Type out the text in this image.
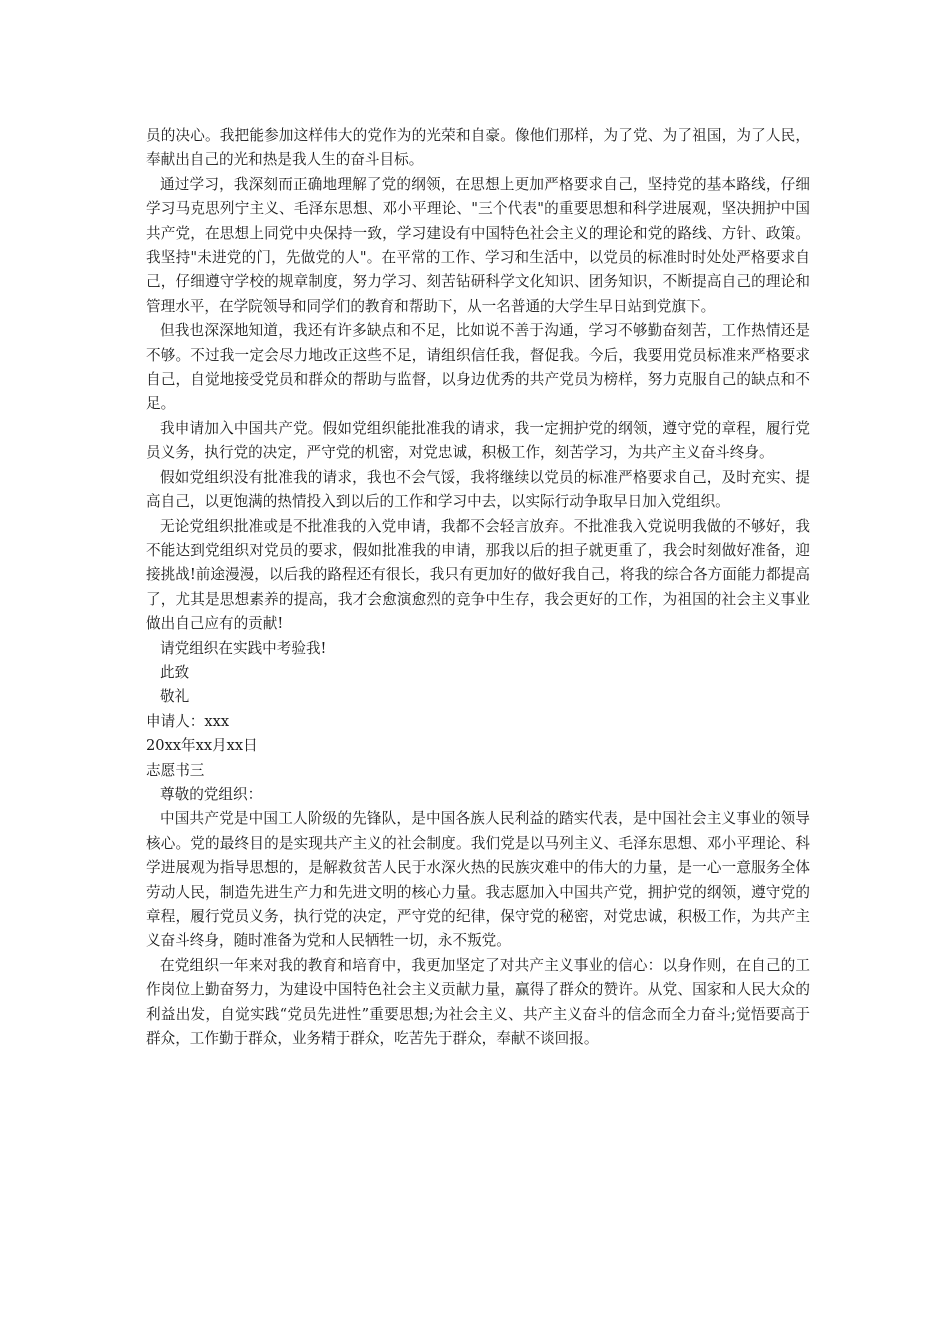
员的决心。我把能参加这样伟大的党作为的光荣和自豪。像他们那样，为了党、为了祖国，为了人民，奉献出自己的光和热是我人生的奋斗目标。

通过学习，我深刻而正确地理解了党的纲领，在思想上更加严格要求自己，坚持党的基本路线，仔细学习马克思列宁主义、毛泽东思想、邓小平理论、"三个代表"的重要思想和科学进展观，坚决拥护中国共产党，在思想上同党中央保持一致，学习建设有中国特色社会主义的理论和党的路线、方针、政策。我坚持"未进党的门，先做党的人"。在平常的工作、学习和生活中，以党员的标准时时处处严格要求自己，仔细遵守学校的规章制度，努力学习、刻苦钻研科学文化知识、团务知识，不断提高自己的理论和管理水平，在学院领导和同学们的教育和帮助下，从一名普通的大学生早日站到党旗下。

但我也深深地知道，我还有许多缺点和不足，比如说不善于沟通，学习不够勤奋刻苦，工作热情还是不够。不过我一定会尽力地改正这些不足，请组织信任我，督促我。今后，我要用党员标准来严格要求自己，自觉地接受党员和群众的帮助与监督，以身边优秀的共产党员为榜样，努力克服自己的缺点和不足。

我申请加入中国共产党。假如党组织能批准我的请求，我一定拥护党的纲领，遵守党的章程，履行党员义务，执行党的决定，严守党的机密，对党忠诚，积极工作，刻苦学习，为共产主义奋斗终身。

假如党组织没有批准我的请求，我也不会气馁，我将继续以党员的标准严格要求自己，及时充实、提高自己，以更饱满的热情投入到以后的工作和学习中去，以实际行动争取早日加入党组织。

无论党组织批准或是不批准我的入党申请，我都不会轻言放弃。不批准我入党说明我做的不够好，我不能达到党组织对党员的要求，假如批准我的申请，那我以后的担子就更重了，我会时刻做好准备，迎接挑战!前途漫漫，以后我的路程还有很长，我只有更加好的做好我自己，将我的综合各方面能力都提高了，尤其是思想素养的提高，我才会愈演愈烈的竞争中生存，我会更好的工作，为祖国的社会主义事业做出自己应有的贡献!

请党组织在实践中考验我!

此致

敬礼

申请人：xxx

20xx年xx月xx日

志愿书三

尊敬的党组织：

中国共产党是中国工人阶级的先锋队，是中国各族人民利益的踏实代表，是中国社会主义事业的领导核心。党的最终目的是实现共产主义的社会制度。我们党是以马列主义、毛泽东思想、邓小平理论、科学进展观为指导思想的，是解救贫苦人民于水深火热的民族灾难中的伟大的力量，是一心一意服务全体劳动人民，制造先进生产力和先进文明的核心力量。我志愿加入中国共产党，拥护党的纲领，遵守党的章程，履行党员义务，执行党的决定，严守党的纪律，保守党的秘密，对党忠诚，积极工作，为共产主义奋斗终身，随时准备为党和人民牺牲一切，永不叛党。

在党组织一年来对我的教育和培育中，我更加坚定了对共产主义事业的信心：以身作则，在自己的工作岗位上勤奋努力，为建设中国特色社会主义贡献力量，赢得了群众的赞许。从党、国家和人民大众的利益出发，自觉实践“党员先进性”重要思想;为社会主义、共产主义奋斗的信念而全力奋斗;觉悟要高于群众，工作勤于群众，业务精于群众，吃苦先于群众，奉献不谈回报。
